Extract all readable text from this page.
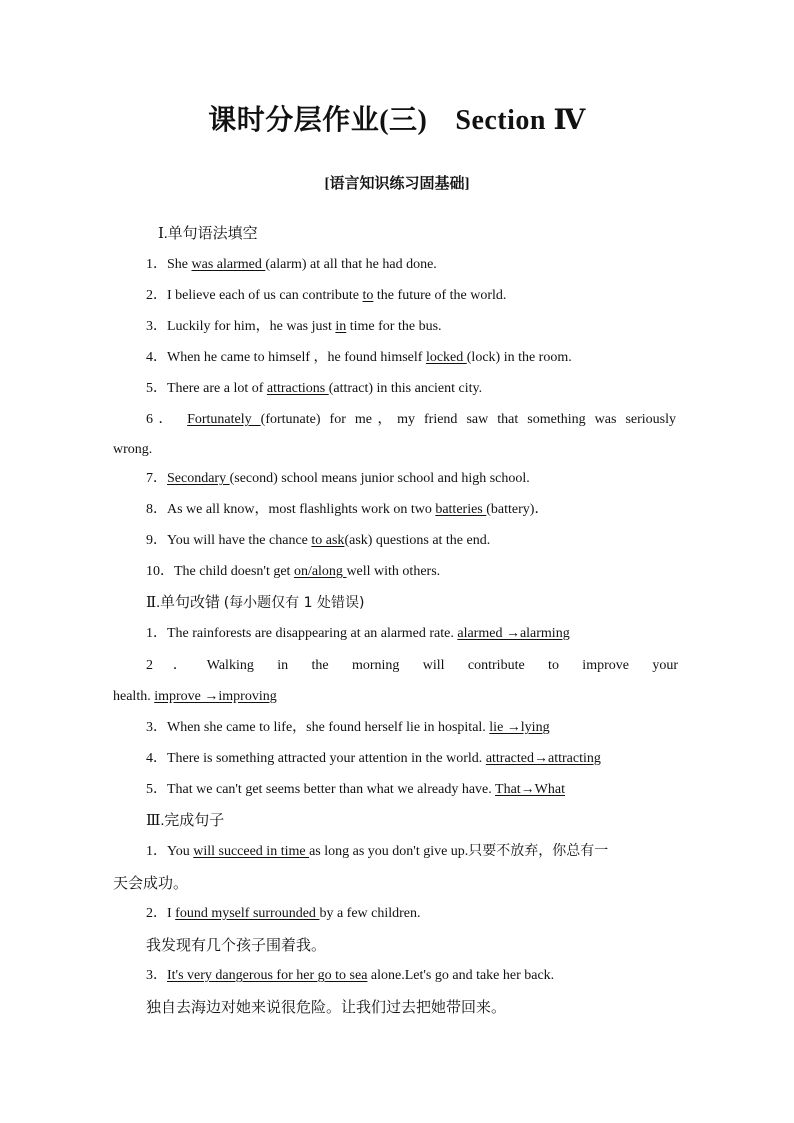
课时分层作业(三) Section Ⅳ
[语言知识练习固基础]
Ⅰ.单句语法填空
1．She was alarmed (alarm) at all that he had done.
2．I believe each of us can contribute to the future of the world.
3．Luckily for him，he was just in time for the bus.
4．When he came to himself ，he found himself locked (lock) in the room.
5．There are a lot of attractions (attract) in this ancient city.
6． Fortunately (fortunate) for me，my friend saw that something was seriously
wrong.
7．Secondary (second) school means junior school and high school.
8．As we all know，most flashlights work on two batteries (battery)．
9．You will have the chance to ask(ask) questions at the end.
10．The child doesn't get on/along well with others.
Ⅱ.单句改错 (每小题仅有 1 处错误)
1．The rainforests are disappearing at an alarmed rate. alarmed →alarming
2．Walking in the morning will contribute to improve your
health. improve →improving
3．When she came to life，she found herself lie in hospital. lie →lying
4．There is something attracted your attention in the world. attracted→attracting
5．That we can't get seems better than what we already have. That→What
Ⅲ.完成句子
1．You will succeed in time as long as you don't give up.只要不放弃，你总有一
天会成功。
2．I found myself surrounded by a few children.
我发现有几个孩子围着我。
3．It's very dangerous for her go to sea alone.Let's go and take her back.
独自去海边对她来说很危险。让我们过去把她带回来。
